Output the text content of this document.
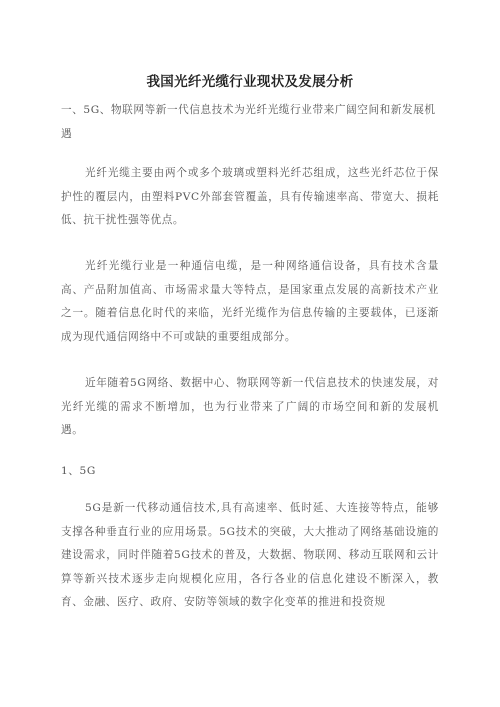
我国光纤光缆行业现状及发展分析
一、5G、物联网等新一代信息技术为光纤光缆行业带来广阔空间和新发展机遇
光纤光缆主要由两个或多个玻璃或塑料光纤芯组成，这些光纤芯位于保护性的覆层内，由塑料PVC外部套管覆盖，具有传输速率高、带宽大、损耗低、抗干扰性强等优点。
光纤光缆行业是一种通信电缆，是一种网络通信设备，具有技术含量高、产品附加值高、市场需求量大等特点，是国家重点发展的高新技术产业之一。随着信息化时代的来临，光纤光缆作为信息传输的主要载体，已逐渐成为现代通信网络中不可或缺的重要组成部分。
近年随着5G网络、数据中心、物联网等新一代信息技术的快速发展，对光纤光缆的需求不断增加，也为行业带来了广阔的市场空间和新的发展机遇。
1、5G
5G是新一代移动通信技术,具有高速率、低时延、大连接等特点，能够支撑各种垂直行业的应用场景。5G技术的突破，大大推动了网络基础设施的建设需求，同时伴随着5G技术的普及，大数据、物联网、移动互联网和云计算等新兴技术逐步走向规模化应用，各行各业的信息化建设不断深入，教育、金融、医疗、政府、安防等领域的数字化变革的推进和投资规
